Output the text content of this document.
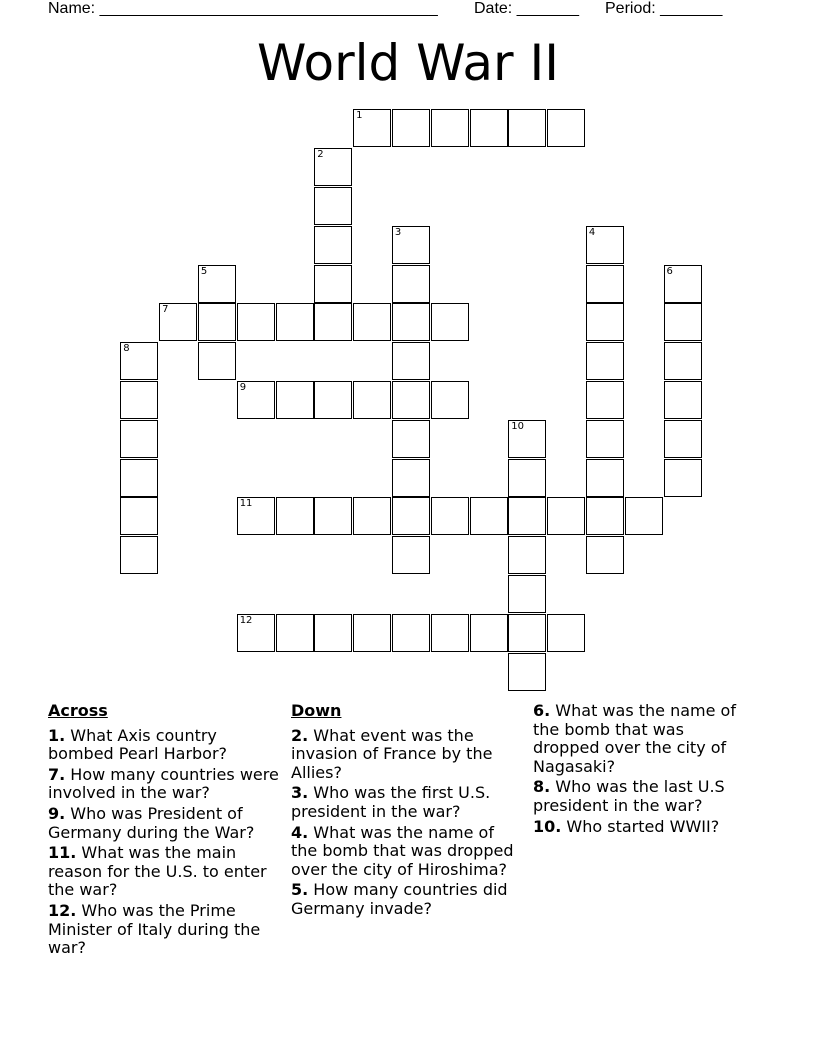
Name: ______________________________________

Date: _______

Period: _______

World War II
1
2
3	4
5	6
7
8
9
10
11
12
Across
1. What Axis country bombed Pearl Harbor?
7. How many countries were involved in the war?
9. Who was President of Germany during the War?
11. What was the main reason for the U.S. to enter the war?
12. Who was the Prime Minister of Italy during the war?
Down
2. What event was the invasion of France by the Allies?
3. Who was the first U.S. president in the war?
4. What was the name of the bomb that was dropped over the city of Hiroshima?
5. How many countries did Germany invade?
6. What was the name of the bomb that was dropped over the city of Nagasaki?
8. Who was the last U.S president in the war?
10. Who started WWII?
